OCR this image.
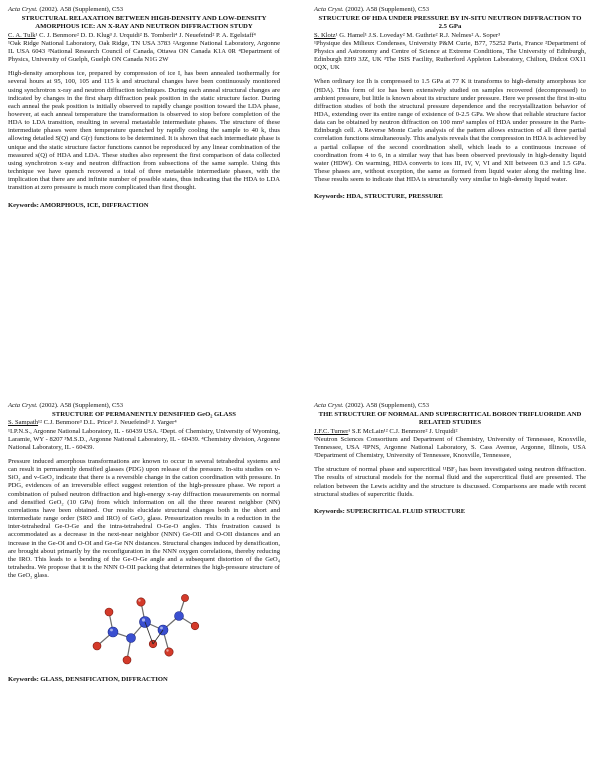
Acta Cryst. (2002). A58 (Supplement), C53

STRUCTURAL RELAXATION BETWEEN HIGH-DENSITY AND LOW-DENSITY AMORPHOUS ICE: AN X-RAY AND NEUTRON DIFFRACTION STUDY

C. A. Tulk¹ C. J. Benmore² D. D. Klug³ J. Urquidi² B. Tomberli⁴ J. Neuefeind² P. A. Egelstaff⁴

¹Oak Ridge National Laboratory, Oak Ridge, TN USA 3783 ²Argonne National Laboratory, Argonne IL USA 6043 ³National Research Council of Canada, Ottawa ON Canada K1A 0R ⁴Department of Physics, University of Guelph, Guelph ON Canada N1G 2W

High-density amorphous ice, prepared by compression of ice I, has been annealed isothermally for several hours at 95, 100, 105 and 115 k and structural changes have been continuously monitored using synchrotron x-ray and neutron diffraction techniques. During each anneal structural changes are indicated by changes in the first sharp diffraction peak position in the static structure factor. During each anneal the peak position is initially observed to rapidly change position toward the LDA phase, however, at each anneal temperature the transformation is observed to stop before completion of the HDA to LDA transition, resulting in several metastable intermediate phases. The structure of these intermediate phases were then temperature quenched by rapidly cooling the sample to 40 k, thus allowing detailed S(Q) and G(r) functions to be determined. It is shown that each intermediate phase is unique and the static structure factor functions cannot be reproduced by any linear combination of the measured s(Q) of HDA and LDA. These studies also represent the first comparison of data collected using synchrotron x-ray and neutron diffraction from subsections of the same sample. Using this technique we have quench recovered a total of three metastable intermediate phases, with the implication that there are and infinite number of possible states, thus indicating that the HDA to LDA transition at zero pressure is much more complicated than first thought.

Keywords: AMORPHOUS, ICE, DIFFRACTION

Acta Cryst. (2002). A58 (Supplement), C53

STRUCTURE OF HDA UNDER PRESSURE BY IN-SITU NEUTRON DIFFRACTION TO 2.5 GPa

S. Klotz¹ G. Hamel¹ J.S. Loveday² M. Guthrie² R.J. Nelmes² A. Soper³

¹Physique des Milieux Condenses, University P&M Curie, B77, 75252 Paris, France ²Department of Physics and Astronomy and Centre of Science at Extreme Conditions, The University of Edinburgh, Edinburgh EH9 3JZ, UK ³The ISIS Facility, Rutherford Appleton Laboratory, Chilton, Didcot OX11 0QX, UK

When ordinary ice Ih is compressed to 1.5 GPa at 77 K it transforms to high-density amorphous ice (HDA). This form of ice has been extensively studied on samples recovered (decompressed) to ambient pressure, but little is known about its structure under pressure. Here we present the first in-situ diffraction studies of both the structural pressure dependence and the recrystallization behavior of HDA, extending over its entire range of existence of 0-2.5 GPa. We show that reliable structure factor data can be obtained by neutron diffraction on 100 mm³ samples of HDA under pressure in the Paris-Edinburgh cell. A Reverse Monte Carlo analysis of the pattern allows extraction of all three partial correlation functions simultaneously. This analysis reveals that the compression in HDA is achieved by a partial collapse of the second coordination shell, which leads to a continuous increase of coordination from 4 to 6, in a similar way that has been observed previously in high-density liquid water (HDW). On warming, HDA converts to ices III, IV, V, VI and XII between 0.3 and 1.5 GPa. These phases are, without exception, the same as formed from liquid water along the melting line. These results seem to indicate that HDA is structurally very similar to high-density liquid water.

Keywords: HDA, STRUCTURE, PRESSURE

Acta Cryst. (2002). A58 (Supplement), C53

STRUCTURE OF PERMANENTLY DENSIFIED GeO₂ GLASS

S. Sampath¹² C.J. Benmore³ D.L. Price³ J. Neuefeind³ J. Yarger⁴

¹I.P.N.S., Argonne National Laboratory, IL - 60439 USA. ²Dept. of Chemistry, University of Wyoming, Laramie, WY - 8207 ³M.S.D., Argonne National Laboratory, IL - 60439. ⁴Chemistry division, Argonne National Laboratory, IL - 60439.

Pressure induced amorphous transformations are known to occur in several tetrahedral systems and can result in permanently densified glasses (PDG) upon release of the pressure. In-situ studies on v-SiO₂ and v-GeO₂ indicate that there is a reversible change in the cation coordination with pressure. In PDG, evidences of an irreversible effect suggest retention of the high-pressure phase. We report a combination of pulsed neutron diffraction and high-energy x-ray diffraction measurements on normal and densified GeO₂ (10 GPa) from which information on all the three nearest neighbor (NN) correlations have been obtained. Our results elucidate structural changes both in the short and intermediate range order (SRO and IRO) of GeO₂ glass. Pressurization results in a reduction in the inter-tetrahedral Ge-O-Ge and the intra-tetrahedral O-Ge-O angles. This frustration caused is accommodated as a decrease in the next-near neighbor (NNN) Ge-OII and O-OII distances and an increase in the Ge-OI and O-OI and Ge-Ge NN distances. Structural changes induced by densification, are brought about primarily by the reconfiguration in the NNN oxygen correlations, thereby reducing the IRO. This leads to a bending of the Ge-O-Ge angle and a subsequent distortion of the GeO₄ tetrahedra. We propose that it is the NNN O-OII packing that determines the high-pressure structure of the GeO₂ glass.

Keywords: GLASS, DENSIFICATION, DIFFRACTION

Acta Cryst. (2002). A58 (Supplement), C53

THE STRUCTURE OF NORMAL AND SUPERCRITICAL BORON TRIFLUORIDE AND RELATED STUDIES

J.F.C. Turner¹ S.E McLain¹² C.J. Benmore² J. Urquidi²

¹Neutron Sciences Consortium and Department of Chemistry, University of Tennessee, Knoxville, Tennessee, USA ²IPNS, Argonne National Laboratory, S. Cass Avenue, Argonne, Illinois, USA ³Department of Chemistry, University of Tennessee, Knoxville, Tennessee,

The structure of normal phase and supercritical ¹¹BF₃ has been investigated using neutron diffraction. The results of structural models for the normal fluid and the supercritical fluid are presented. The relation between the Lewis acidity and the structure is discussed. Comparisons are made with recent structural studies of supercritic fluids.

Keywords: SUPERCRITICAL FLUID STRUCTURE
